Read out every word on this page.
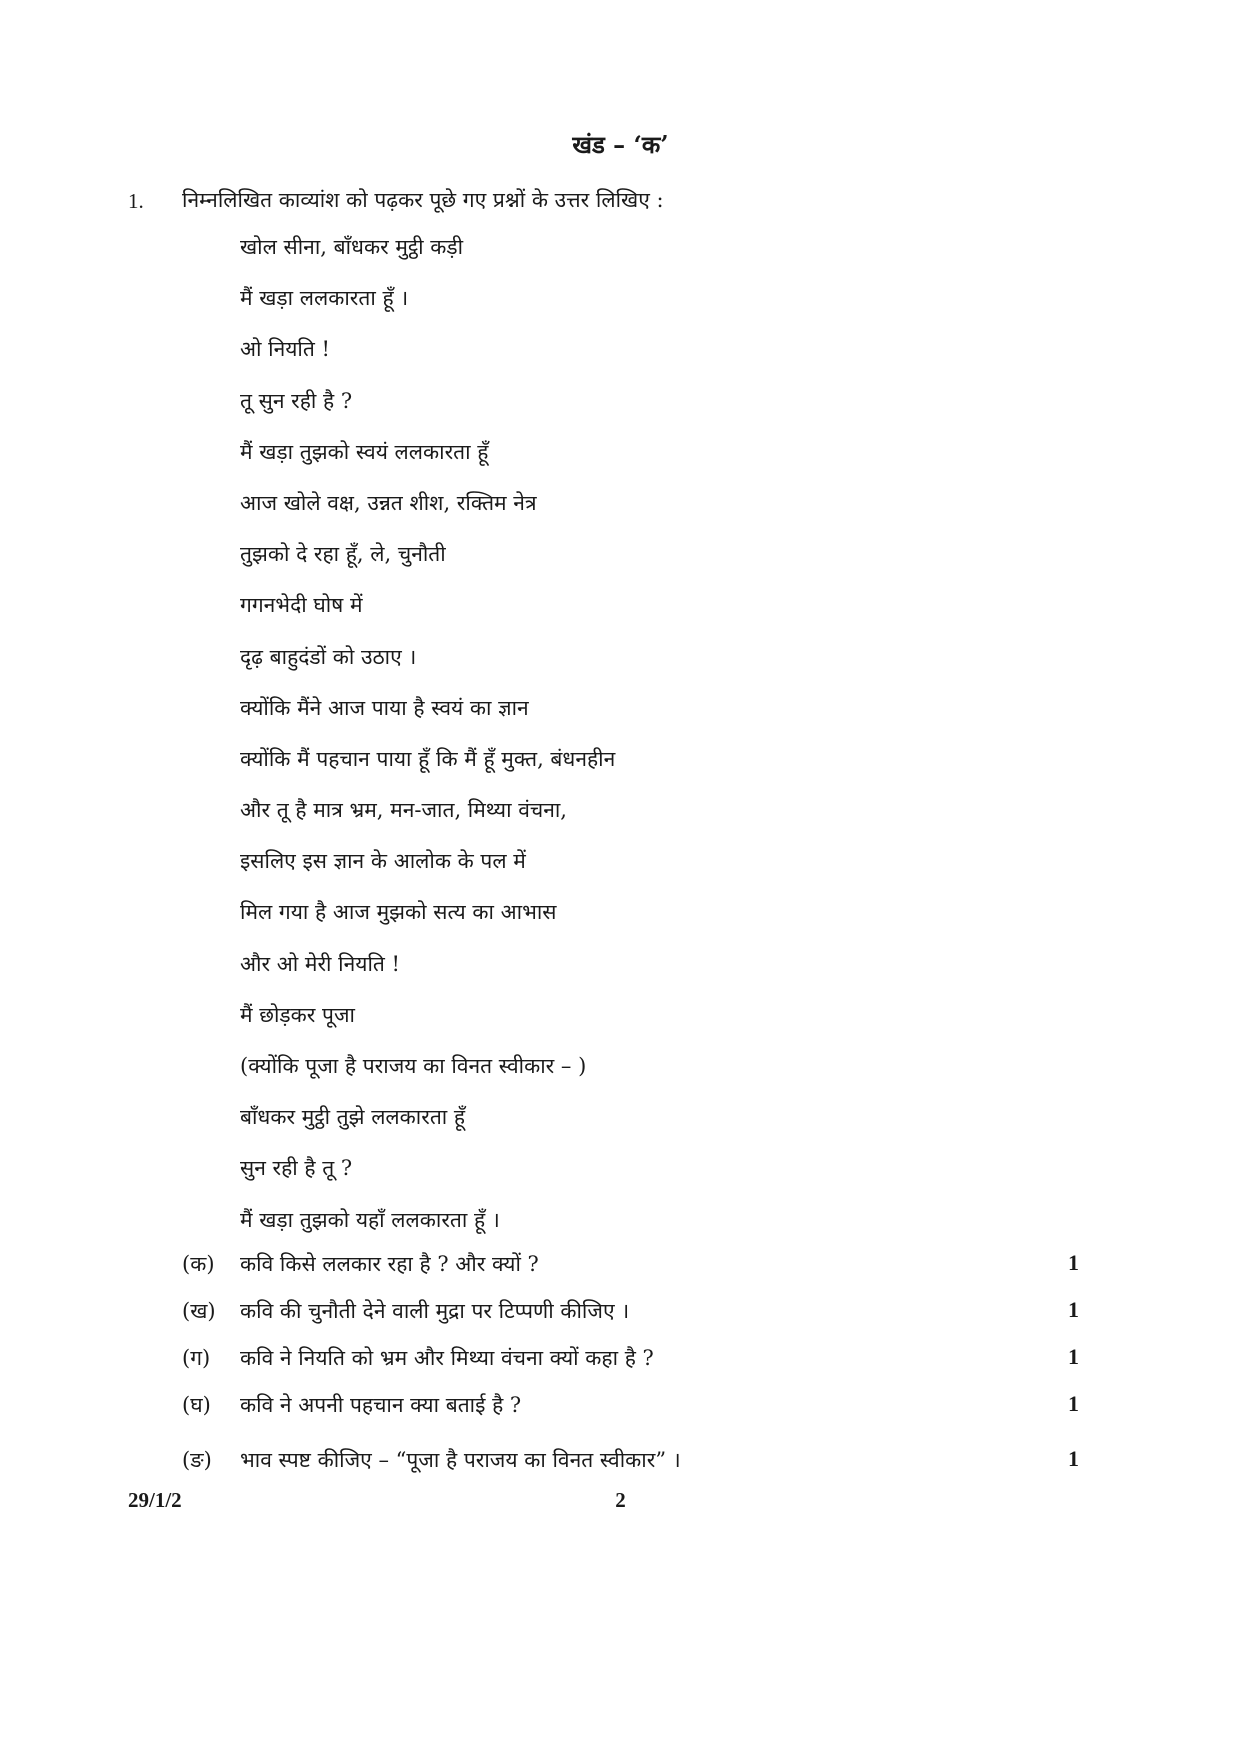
खंड – ‘क’
1. निम्नलिखित काव्यांश को पढ़कर पूछे गए प्रश्नों के उत्तर लिखिए :
खोल सीना, बाँधकर मुट्ठी कड़ी
मैं खड़ा ललकारता हूँ ।
ओ नियति !
तू सुन रही है ?
मैं खड़ा तुझको स्वयं ललकारता हूँ
आज खोले वक्ष, उन्नत शीश, रक्तिम नेत्र
तुझको दे रहा हूँ, ले, चुनौती
गगनभेदी घोष में
दृढ़ बाहुदंडों को उठाए ।
क्योंकि मैंने आज पाया है स्वयं का ज्ञान
क्योंकि मैं पहचान पाया हूँ कि मैं हूँ मुक्त, बंधनहीन
और तू है मात्र भ्रम, मन-जात, मिथ्या वंचना,
इसलिए इस ज्ञान के आलोक के पल में
मिल गया है आज मुझको सत्य का आभास
और ओ मेरी नियति !
मैं छोड़कर पूजा
(क्योंकि पूजा है पराजय का विनत स्वीकार – )
बाँधकर मुट्ठी तुझे ललकारता हूँ
सुन रही है तू ?
मैं खड़ा तुझको यहाँ ललकारता हूँ ।
(क) कवि किसे ललकार रहा है ? और क्यों ?	1
(ख) कवि की चुनौती देने वाली मुद्रा पर टिप्पणी कीजिए ।	1
(ग) कवि ने नियति को भ्रम और मिथ्या वंचना क्यों कहा है ?	1
(घ) कवि ने अपनी पहचान क्या बताई है ?	1
(ङ) भाव स्पष्ट कीजिए – “पूजा है पराजय का विनत स्वीकार” ।	1
29/1/2	2
